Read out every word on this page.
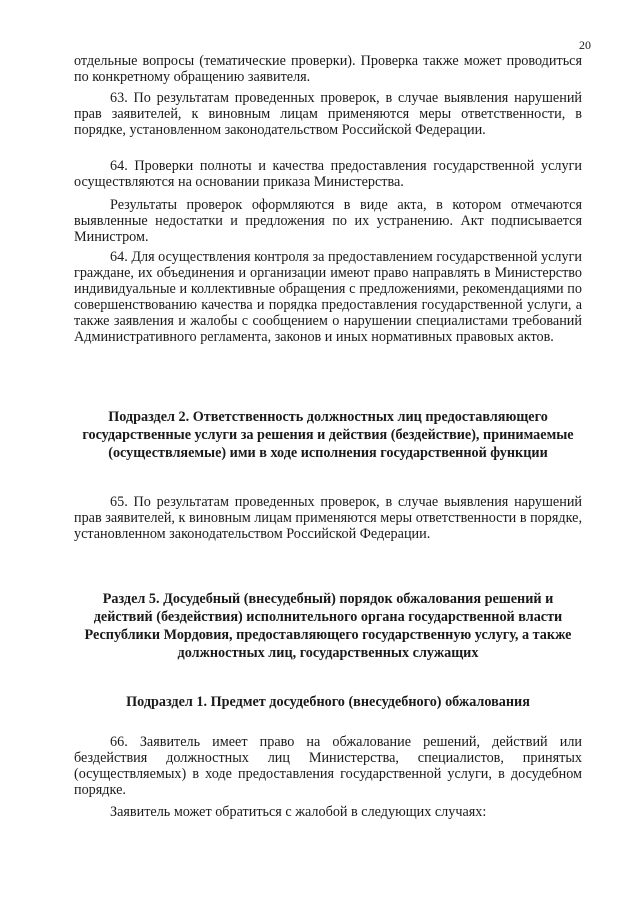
20

отдельные вопросы (тематические проверки). Проверка также может проводиться по конкретному обращению заявителя.

63. По результатам проведенных проверок, в случае выявления нарушений прав заявителей, к виновным лицам применяются меры ответственности, в порядке, установленном законодательством Российской Федерации.

64. Проверки полноты и качества предоставления государственной услуги осуществляются на основании приказа Министерства.

Результаты проверок оформляются в виде акта, в котором отмечаются выявленные недостатки и предложения по их устранению. Акт подписывается Министром.

64. Для осуществления контроля за предоставлением государственной услуги граждане, их объединения и организации имеют право направлять в Министерство индивидуальные и коллективные обращения с предложениями, рекомендациями по совершенствованию качества и порядка предоставления государственной услуги, а также заявления и жалобы с сообщением о нарушении специалистами требований Административного регламента, законов и иных нормативных правовых актов.

Подраздел 2. Ответственность должностных лиц предоставляющего государственные услуги за решения и действия (бездействие), принимаемые (осуществляемые) ими в ходе исполнения государственной функции

65. По результатам проведенных проверок, в случае выявления нарушений прав заявителей, к виновным лицам применяются меры ответственности в порядке, установленном законодательством Российской Федерации.

Раздел 5. Досудебный (внесудебный) порядок обжалования решений и действий (бездействия) исполнительного органа государственной власти Республики Мордовия, предоставляющего государственную услугу, а также должностных лиц, государственных служащих
Подраздел 1. Предмет досудебного (внесудебного) обжалования

66. Заявитель имеет право на обжалование решений, действий или бездействия должностных лиц Министерства, специалистов, принятых (осуществляемых) в ходе предоставления государственной услуги, в досудебном порядке.

Заявитель может обратиться с жалобой в следующих случаях:
